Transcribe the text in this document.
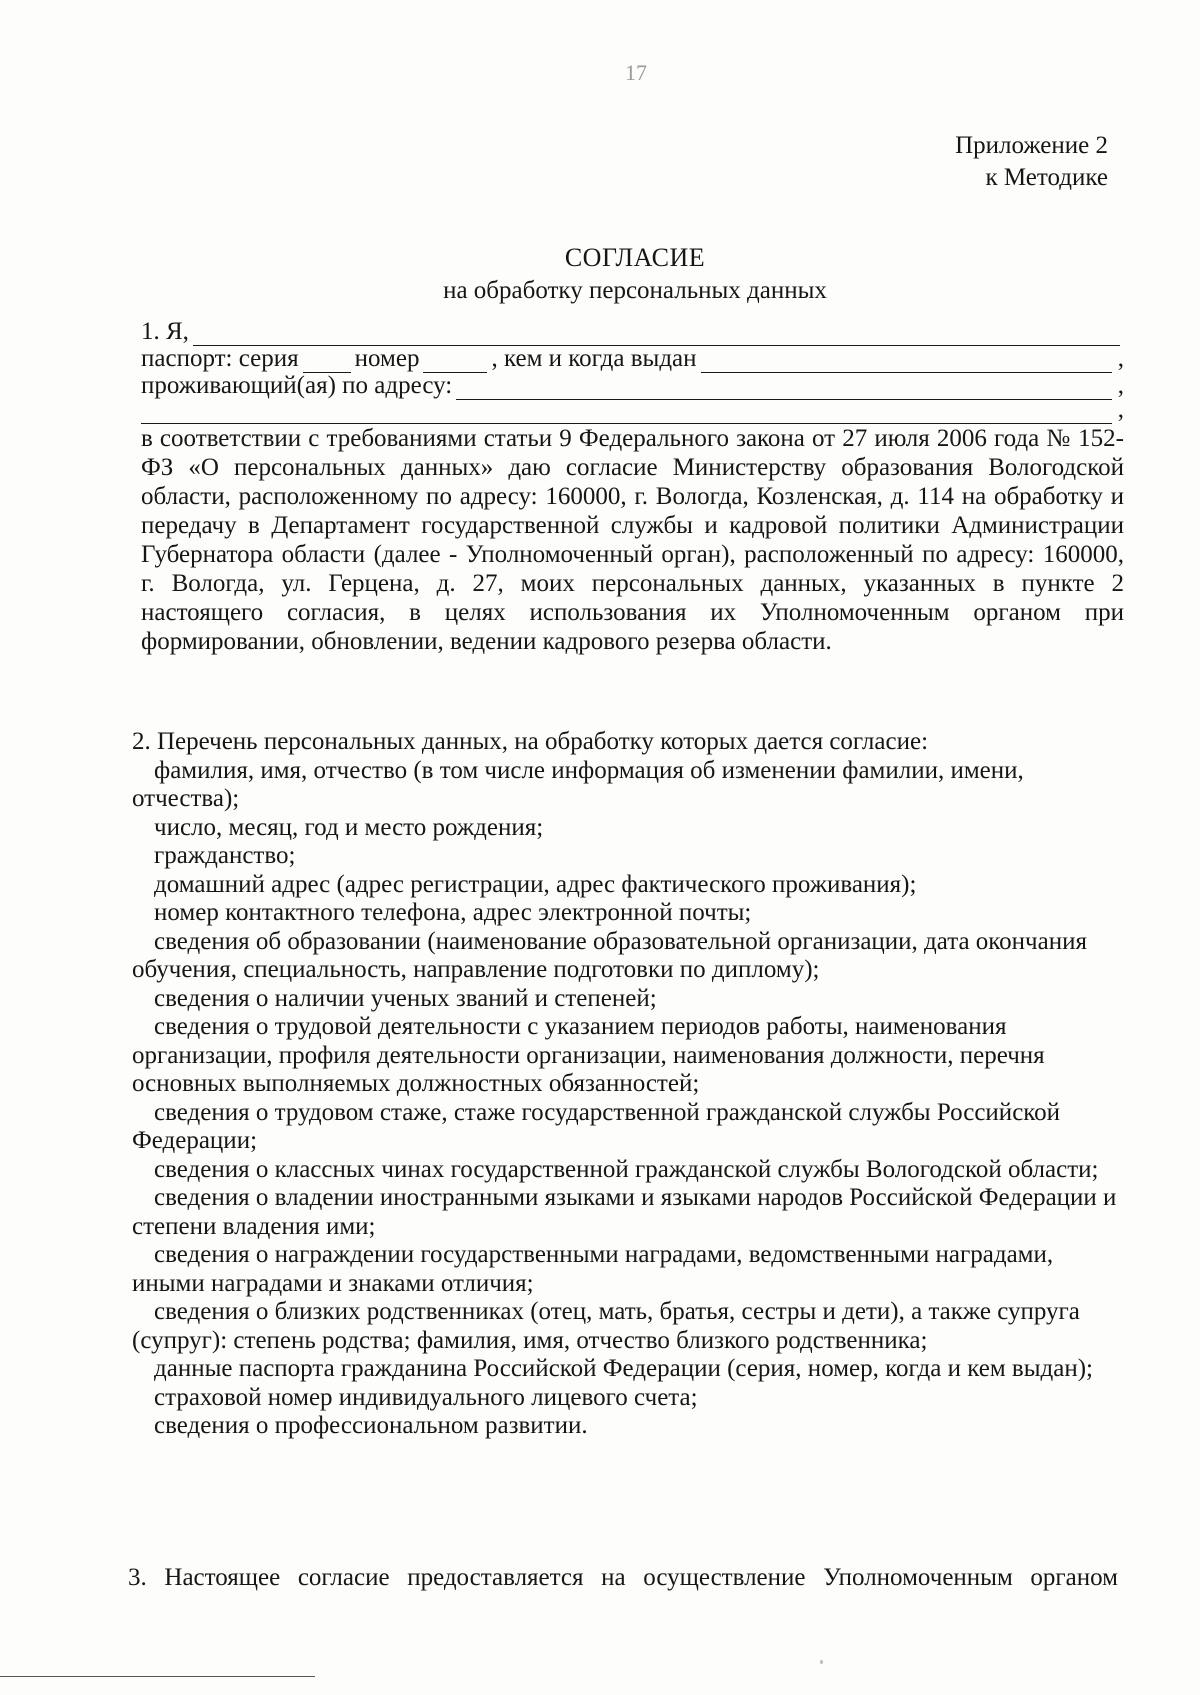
17
Приложение 2
к Методике
СОГЛАСИЕ
на обработку персональных данных
1. Я,
паспорт: серия номер	, кем и когда выдан	,
проживающий(ая) по адресу:	,
,
в соответствии с требованиями статьи 9 Федерального закона от 27 июля 2006 года № 152-ФЗ «О персональных данных» даю согласие Министерству образования Вологодской области, расположенному по адресу: 160000, г. Вологда, Козленская, д. 114 на обработку и передачу в Департамент государственной службы и кадровой политики Администрации Губернатора области (далее - Уполномоченный орган), расположенный по адресу: 160000, г. Вологда, ул. Герцена, д. 27, моих персональных данных, указанных в пункте 2 настоящего согласия, в целях использования их Уполномоченным органом при формировании, обновлении, ведении кадрового резерва области.
2. Перечень персональных данных, на обработку которых дается согласие:
фамилия, имя, отчество (в том числе информация об изменении фамилии, имени, отчества);
число, месяц, год и место рождения;
гражданство;
домашний адрес (адрес регистрации, адрес фактического проживания);
номер контактного телефона, адрес электронной почты;
сведения об образовании (наименование образовательной организации, дата окончания обучения, специальность, направление подготовки по диплому);
сведения о наличии ученых званий и степеней;
сведения о трудовой деятельности с указанием периодов работы, наименования организации, профиля деятельности организации, наименования должности, перечня основных выполняемых должностных обязанностей;
сведения о трудовом стаже, стаже государственной гражданской службы Российской Федерации;
сведения о классных чинах государственной гражданской службы Вологодской области;
сведения о владении иностранными языками и языками народов Российской Федерации и степени владения ими;
сведения о награждении государственными наградами, ведомственными наградами, иными наградами и знаками отличия;
сведения о близких родственниках (отец, мать, братья, сестры и дети), а также супруга (супруг): степень родства; фамилия, имя, отчество близкого родственника;
данные паспорта гражданина Российской Федерации (серия, номер, когда и кем выдан);
страховой номер индивидуального лицевого счета;
сведения о профессиональном развитии.
3. Настоящее согласие предоставляется на осуществление Уполномоченным органом
